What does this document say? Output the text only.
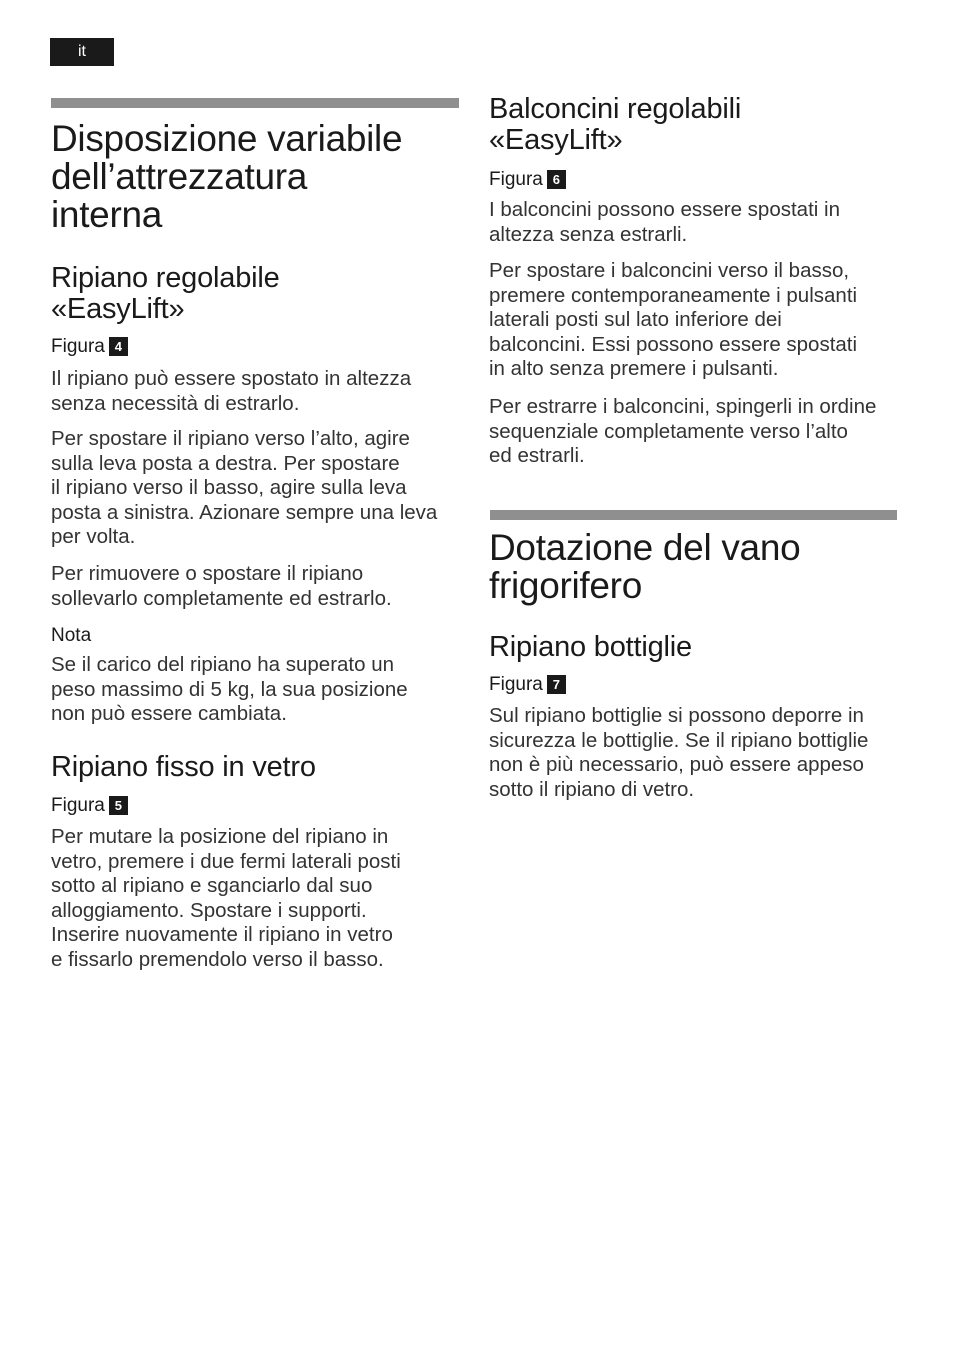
it
Disposizione variabile
dell’attrezzatura
interna
Ripiano regolabile
«EasyLift»
Figura 4

Il ripiano può essere spostato in altezza
senza necessità di estrarlo.

Per spostare il ripiano verso l’alto, agire
sulla leva posta a destra. Per spostare
il ripiano verso il basso, agire sulla leva
posta a sinistra. Azionare sempre una leva
per volta.

Per rimuovere o spostare il ripiano
sollevarlo completamente ed estrarlo.

Nota

Se il carico del ripiano ha superato un
peso massimo di 5 kg, la sua posizione
non può essere cambiata.

Ripiano fisso in vetro
Figura 5

Per mutare la posizione del ripiano in
vetro, premere i due fermi laterali posti
sotto al ripiano e sganciarlo dal suo
alloggiamento. Spostare i supporti.
Inserire nuovamente il ripiano in vetro
e fissarlo premendolo verso il basso.

Balconcini regolabili
«EasyLift»
Figura 6

I balconcini possono essere spostati in
altezza senza estrarli.

Per spostare i balconcini verso il basso,
premere contemporaneamente i pulsanti
laterali posti sul lato inferiore dei
balconcini. Essi possono essere spostati
in alto senza premere i pulsanti.

Per estrarre i balconcini, spingerli in ordine
sequenziale completamente verso l’alto
ed estrarli.

Dotazione del vano
frigorifero
Ripiano bottiglie
Figura 7

Sul ripiano bottiglie si possono deporre in
sicurezza le bottiglie. Se il ripiano bottiglie
non è più necessario, può essere appeso
sotto il ripiano di vetro.
